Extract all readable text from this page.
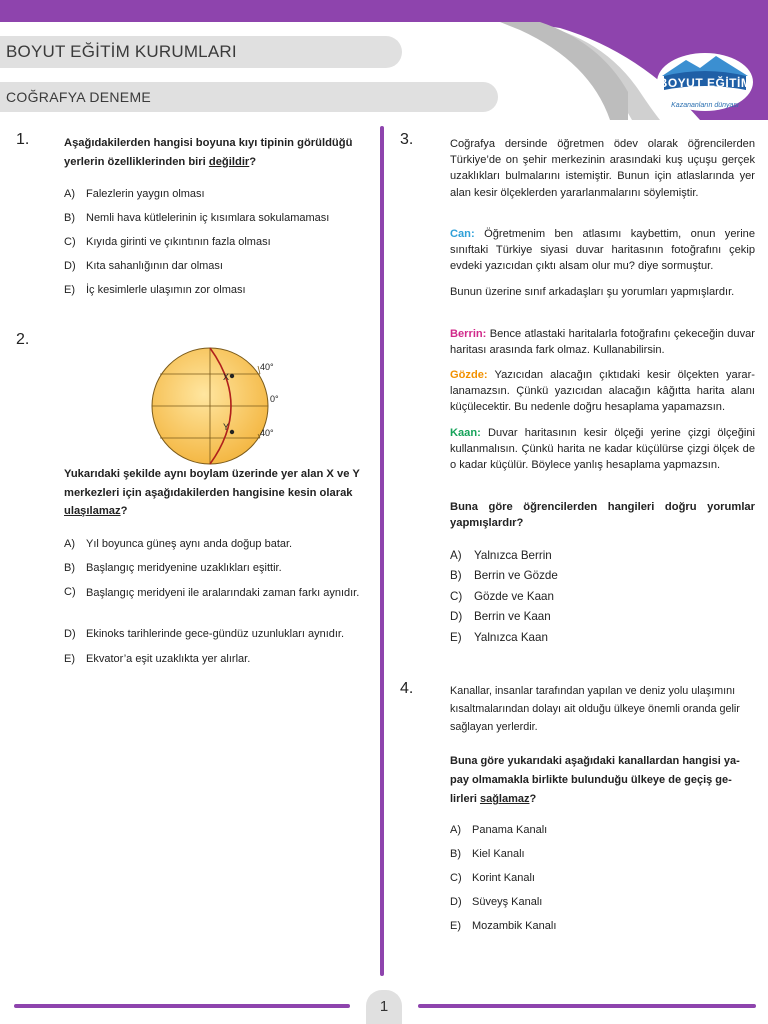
BOYUT EĞİTİM KURUMLARI
COĞRAFYA DENEME
BOYUT EĞİTİM
Kazananların dünyası
1.	Aşağıdakilerden hangisi boyuna kıyı tipinin görüldüğü yerlerin özelliklerinden biri değildir?
A) Falezlerin yaygın olması
B) Nemli hava kütlelerinin iç kısımlara sokulamaması
C) Kıyıda girinti ve çıkıntının fazla olması
D) Kıta sahanlığının dar olması
E) İç kesimlerle ulaşımın zor olması
2.
X
Y
40°
0°
40°
Yukarıdaki şekilde aynı boylam üzerinde yer alan X ve Y merkezleri için aşağıdakilerden hangisine kesin olarak ulaşılamaz?
A) Yıl boyunca güneş aynı anda doğup batar.
B) Başlangıç meridyenine uzaklıkları eşittir.
C) Başlangıç meridyeni ile aralarındaki zaman farkı aynıdır.
D) Ekinoks tarihlerinde gece-gündüz uzunlukları aynıdır.
E) Ekvator’a eşit uzaklıkta yer alırlar.
3.	Coğrafya dersinde öğretmen ödev olarak öğrencilerden Türkiye’de on şehir merkezinin arasındaki kuş uçuşu gerçek uzaklıkları bulmalarını istemiştir. Bunun için atlaslarında yer alan kesir ölçeklerden yararlanmalarını söylemiştir.
Can: Öğretmenim ben atlasımı kaybettim, onun yerine sınıftaki Türkiye siyasi duvar haritasının fotoğrafını çekip evdeki yazıcıdan çıktı alsam olur mu? diye sormuştur.
Bunun üzerine sınıf arkadaşları şu yorumları yapmışlardır.
Berrin: Bence atlastaki haritalarla fotoğrafını çekeceğin duvar haritası arasında fark olmaz. Kullanabilirsin.
Gözde: Yazıcıdan alacağın çıktıdaki kesir ölçekten yararlanamazsın. Çünkü yazıcıdan alacağın kâğıtta harita alanı küçülecektir. Bu nedenle doğru hesaplama yapamazsın.
Kaan: Duvar haritasının kesir ölçeği yerine çizgi ölçeğini kullanmalısın. Çünkü harita ne kadar küçülürse çizgi ölçek de o kadar küçülür. Böylece yanlış hesaplama yapmazsın.
Buna göre öğrencilerden hangileri doğru yorumlar yapmışlardır?
A) Yalnızca Berrin
B) Berrin ve Gözde
C) Gözde ve Kaan
D) Berrin ve Kaan
E) Yalnızca Kaan
4.	Kanallar, insanlar tarafından yapılan ve deniz yolu ulaşımını kısaltmalarından dolayı ait olduğu ülkeye önemli oranda gelir sağlayan yerlerdir.
Buna göre yukarıdaki aşağıdaki kanallardan hangisi yapay olmamakla birlikte bulunduğu ülkeye de geçiş gelirleri sağlamaz?
A) Panama Kanalı
B) Kiel Kanalı
C) Korint Kanalı
D) Süveyş Kanalı
E) Mozambik Kanalı
1
